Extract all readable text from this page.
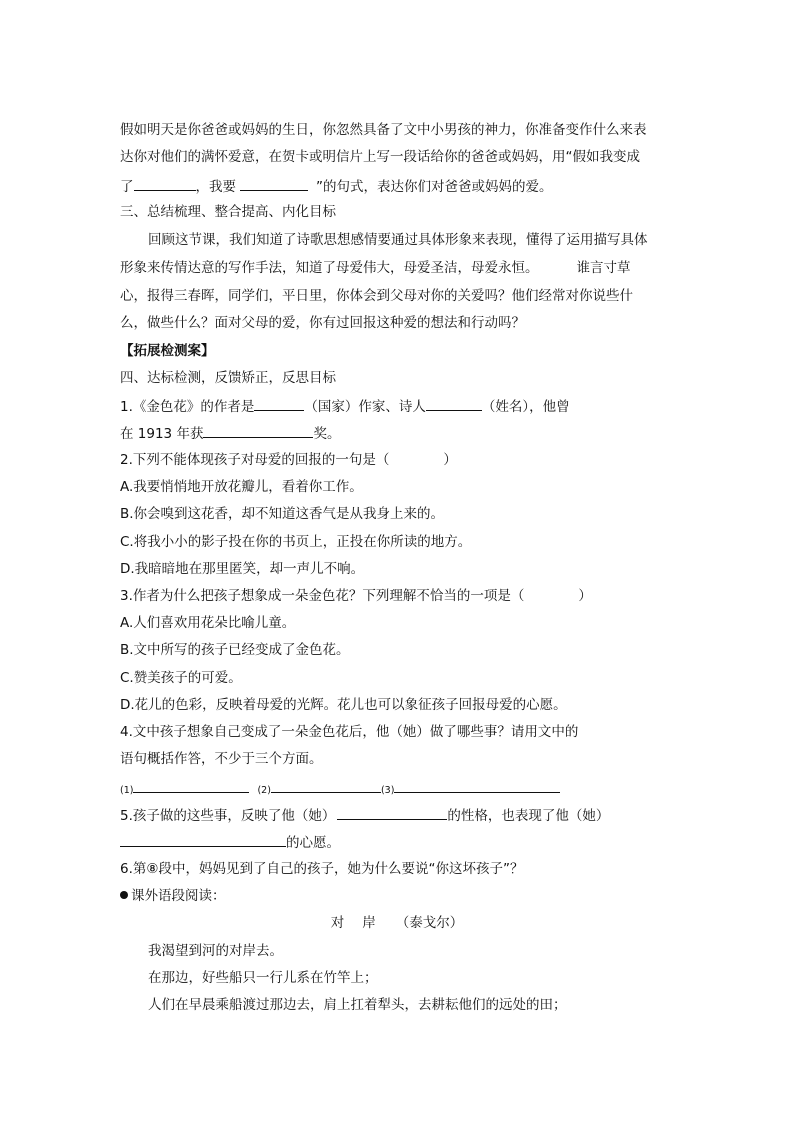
假如明天是你爸爸或妈妈的生日，你忽然具备了文中小男孩的神力，你准备变作什么来表
达你对他们的满怀爱意，在贺卡或明信片上写一段话给你的爸爸或妈妈，用“假如我变成
了	，我要	”的句式，表达你们对爸爸或妈妈的爱。
三、总结梳理、整合提高、内化目标
回顾这节课，我们知道了诗歌思想感情要通过具体形象来表现，懂得了运用描写具体
形象来传情达意的写作手法，知道了母爱伟大，母爱圣洁，母爱永恒。	谁言寸草
心，报得三春晖，同学们，平日里，你体会到父母对你的关爱吗？他们经常对你说些什
么，做些什么？面对父母的爱，你有过回报这种爱的想法和行动吗？
【拓展检测案】
四、达标检测，反馈矫正，反思目标
1.《金色花》的作者是	（国家）作家、诗人	（姓名），他曾
在 1913 年获	奖。
2.下列不能体现孩子对母爱的回报的一句是（　　　　）
A.我要悄悄地开放花瓣儿，看着你工作。
B.你会嗅到这花香，却不知道这香气是从我身上来的。
C.将我小小的影子投在你的书页上，正投在你所读的地方。
D.我暗暗地在那里匿笑，却一声儿不响。
3.作者为什么把孩子想象成一朵金色花？下列理解不恰当的一项是（　　　　）
A.人们喜欢用花朵比喻儿童。
B.文中所写的孩子已经变成了金色花。
C.赞美孩子的可爱。
D.花儿的色彩，反映着母爱的光辉。花儿也可以象征孩子回报母爱的心愿。
4.文中孩子想象自己变成了一朵金色花后，他（她）做了哪些事？请用文中的
语句概括作答，不少于三个方面。
(1)	(2)	(3)
5.孩子做的这些事，反映了他（她）	的性格，也表现了他（她）
的心愿。
6.第⑧段中，妈妈见到了自己的孩子，她为什么要说“你这坏孩子”？
课外语段阅读：
对岸 （泰戈尔）
我渴望到河的对岸去。
在那边，好些船只一行儿系在竹竿上；
人们在早晨乘船渡过那边去，肩上扛着犁头，去耕耘他们的远处的田；
